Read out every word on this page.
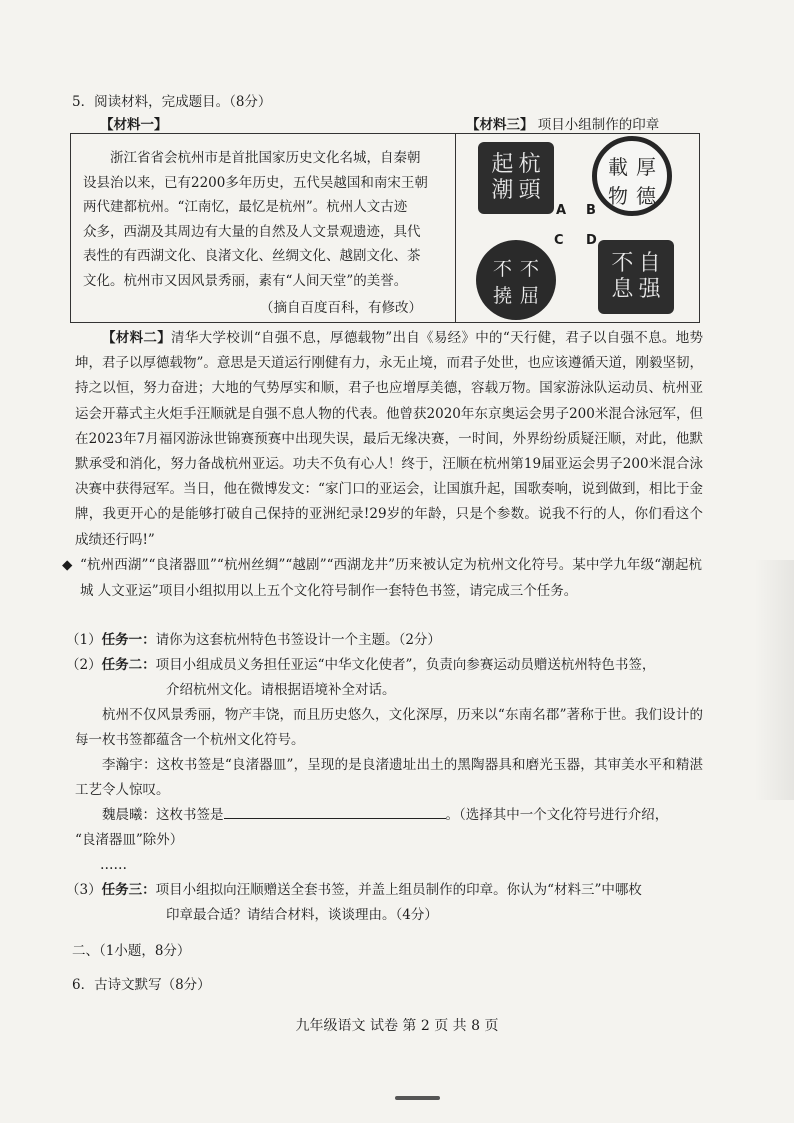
5．阅读材料，完成题目。（8分）
【材料一】	【材料三】 项目小组制作的印章
浙江省省会杭州市是首批国家历史文化名城，自秦朝
设县治以来，已有2200多年历史，五代吴越国和南宋王朝
两代建都杭州。“江南忆，最忆是杭州”。杭州人文古迹
众多，西湖及其周边有大量的自然及人文景观遗迹，具代
表性的有西湖文化、良渚文化、丝绸文化、越剧文化、茶
文化。杭州市又因风景秀丽，素有“人间天堂”的美誉。
（摘自百度百科，有修改）
起 杭
潮 頭
A
載 厚
物 德
B
C
不 不
撓 屈
D
不 自
息 强
【材料二】清华大学校训“自强不息，厚德载物”出自《易经》中的“天行健，君子以自强不息。地势坤，君子以厚德载物”。意思是天道运行刚健有力，永无止境，而君子处世，也应该遵循天道，刚毅坚韧，持之以恒，努力奋进；大地的气势厚实和顺，君子也应增厚美德，容载万物。国家游泳队运动员、杭州亚运会开幕式主火炬手汪顺就是自强不息人物的代表。他曾获2020年东京奥运会男子200米混合泳冠军，但在2023年7月福冈游泳世锦赛预赛中出现失误，最后无缘决赛，一时间，外界纷纷质疑汪顺，对此，他默默承受和消化，努力备战杭州亚运。功夫不负有心人！终于，汪顺在杭州第19届亚运会男子200米混合泳决赛中获得冠军。当日，他在微博发文：“家门口的亚运会，让国旗升起，国歌奏响，说到做到，相比于金牌，我更开心的是能够打破自己保持的亚洲纪录!29岁的年龄，只是个参数。说我不行的人，你们看这个成绩还行吗!”
◆ “杭州西湖”“良渚器皿”“杭州丝绸”“越剧”“西湖龙井”历来被认定为杭州文化符号。某中学九年级“潮起杭城 人文亚运”项目小组拟用以上五个文化符号制作一套特色书签，请完成三个任务。
（1）任务一：请你为这套杭州特色书签设计一个主题。（2分）
（2）任务二：项目小组成员义务担任亚运“中华文化使者”，负责向参赛运动员赠送杭州特色书签，
介绍杭州文化。请根据语境补全对话。
杭州不仅风景秀丽，物产丰饶，而且历史悠久，文化深厚，历来以“东南名郡”著称于世。我们设计的每一枚书签都蕴含一个杭州文化符号。
李瀚宇：这枚书签是“良渚器皿”，呈现的是良渚遗址出土的黑陶器具和磨光玉器，其审美水平和精湛工艺令人惊叹。
魏晨曦：这枚书签是	。（选择其中一个文化符号进行介绍，
“良渚器皿”除外）
……
（3）任务三：项目小组拟向汪顺赠送全套书签，并盖上组员制作的印章。你认为“材料三”中哪枚
印章最合适？请结合材料，谈谈理由。（4分）
二、（1小题，8分）
6．古诗文默写（8分）
九年级语文 试卷 第 2 页 共 8 页
